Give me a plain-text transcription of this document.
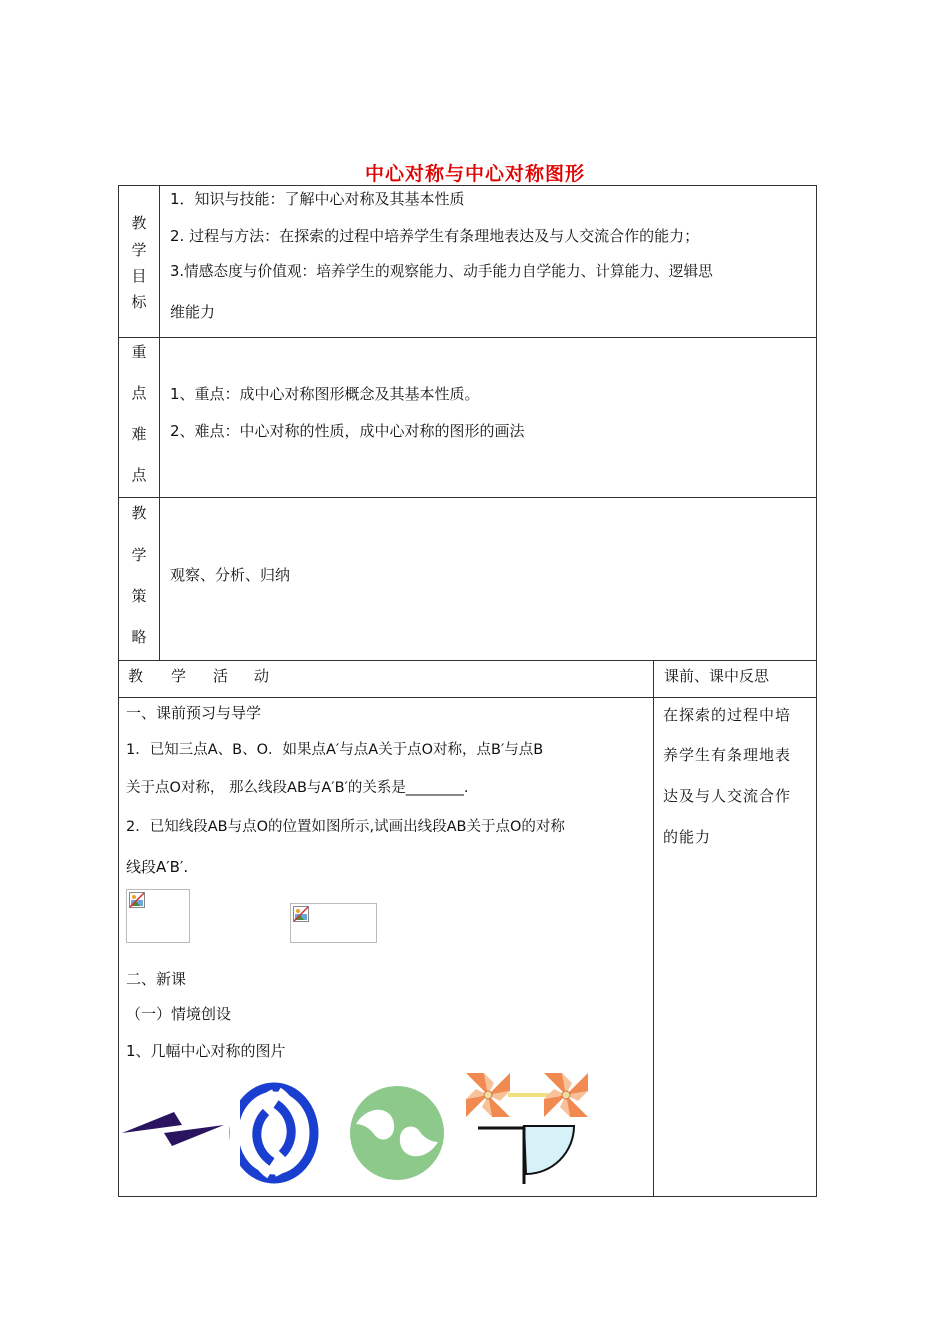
中心对称与中心对称图形
教
学
目
标
1．知识与技能：了解中心对称及其基本性质
2. 过程与方法：在探索的过程中培养学生有条理地表达及与人交流合作的能力；
3.情感态度与价值观：培养学生的观察能力、动手能力自学能力、计算能力、逻辑思
维能力
重
点
难
点
1、重点：成中心对称图形概念及其基本性质。
2、难点：中心对称的性质，成中心对称的图形的画法
教
学
策
略
观察、分析、归纳
教 学 活 动	课前、课中反思
一、课前预习与导学
1．已知三点A、B、O．如果点A′与点A关于点O对称，点B′与点B
关于点O对称， 那么线段AB与A′B′的关系是________.
2．已知线段AB与点O的位置如图所示,试画出线段AB关于点O的对称
线段A′B′.
二、新课
（一）情境创设
1、几幅中心对称的图片
在探索的过程中培
养学生有条理地表
达及与人交流合作
的能力
